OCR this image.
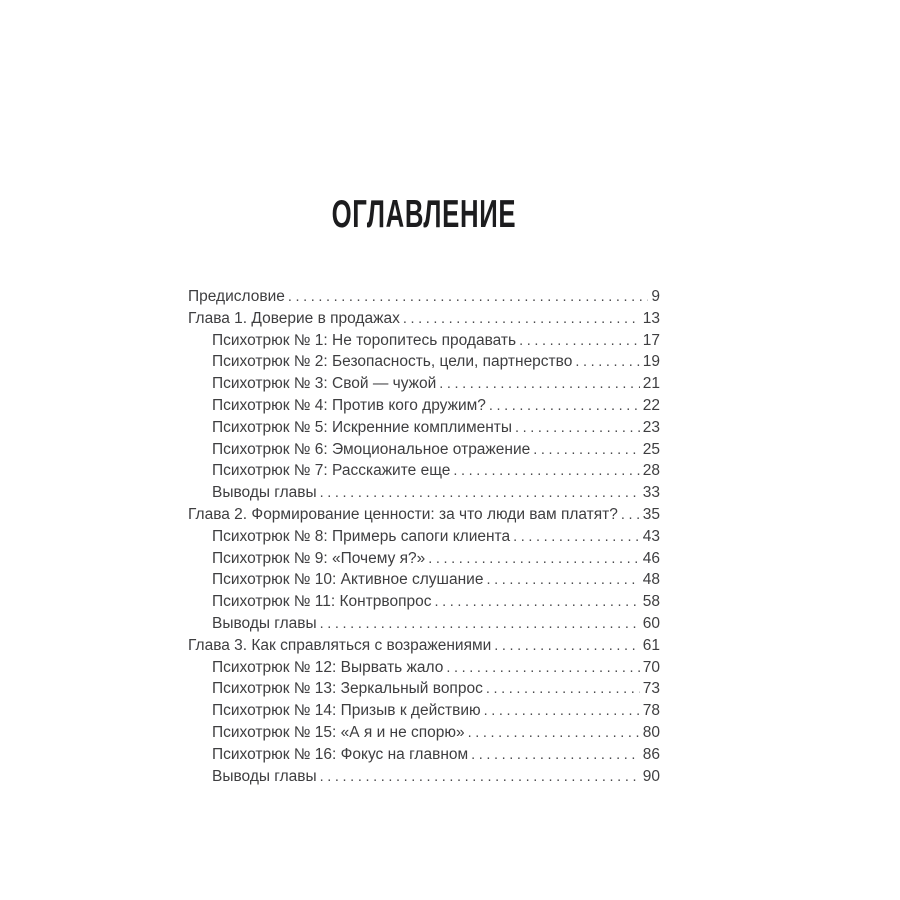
ОГЛАВЛЕНИЕ
Предисловие .....	9
Глава 1. Доверие в продажах .....	13
Психотрюк № 1: Не торопитесь продавать .....	17
Психотрюк № 2: Безопасность, цели, партнерство .....	19
Психотрюк № 3: Свой — чужой .....	21
Психотрюк № 4: Против кого дружим? .....	22
Психотрюк № 5: Искренние комплименты .....	23
Психотрюк № 6: Эмоциональное отражение .....	25
Психотрюк № 7: Расскажите еще .....	28
Выводы главы .....	33
Глава 2. Формирование ценности: за что люди вам платят? ..... 35
Психотрюк № 8: Примерь сапоги клиента .....	43
Психотрюк № 9: «Почему я?» .....	46
Психотрюк № 10: Активное слушание .....	48
Психотрюк № 11: Контрвопрос .....	58
Выводы главы .....	60
Глава 3. Как справляться с возражениями .....	61
Психотрюк № 12: Вырвать жало .....	70
Психотрюк № 13: Зеркальный вопрос .....	73
Психотрюк № 14: Призыв к действию .....	78
Психотрюк № 15: «А я и не спорю» .....	80
Психотрюк № 16: Фокус на главном .....	86
Выводы главы .....	90
